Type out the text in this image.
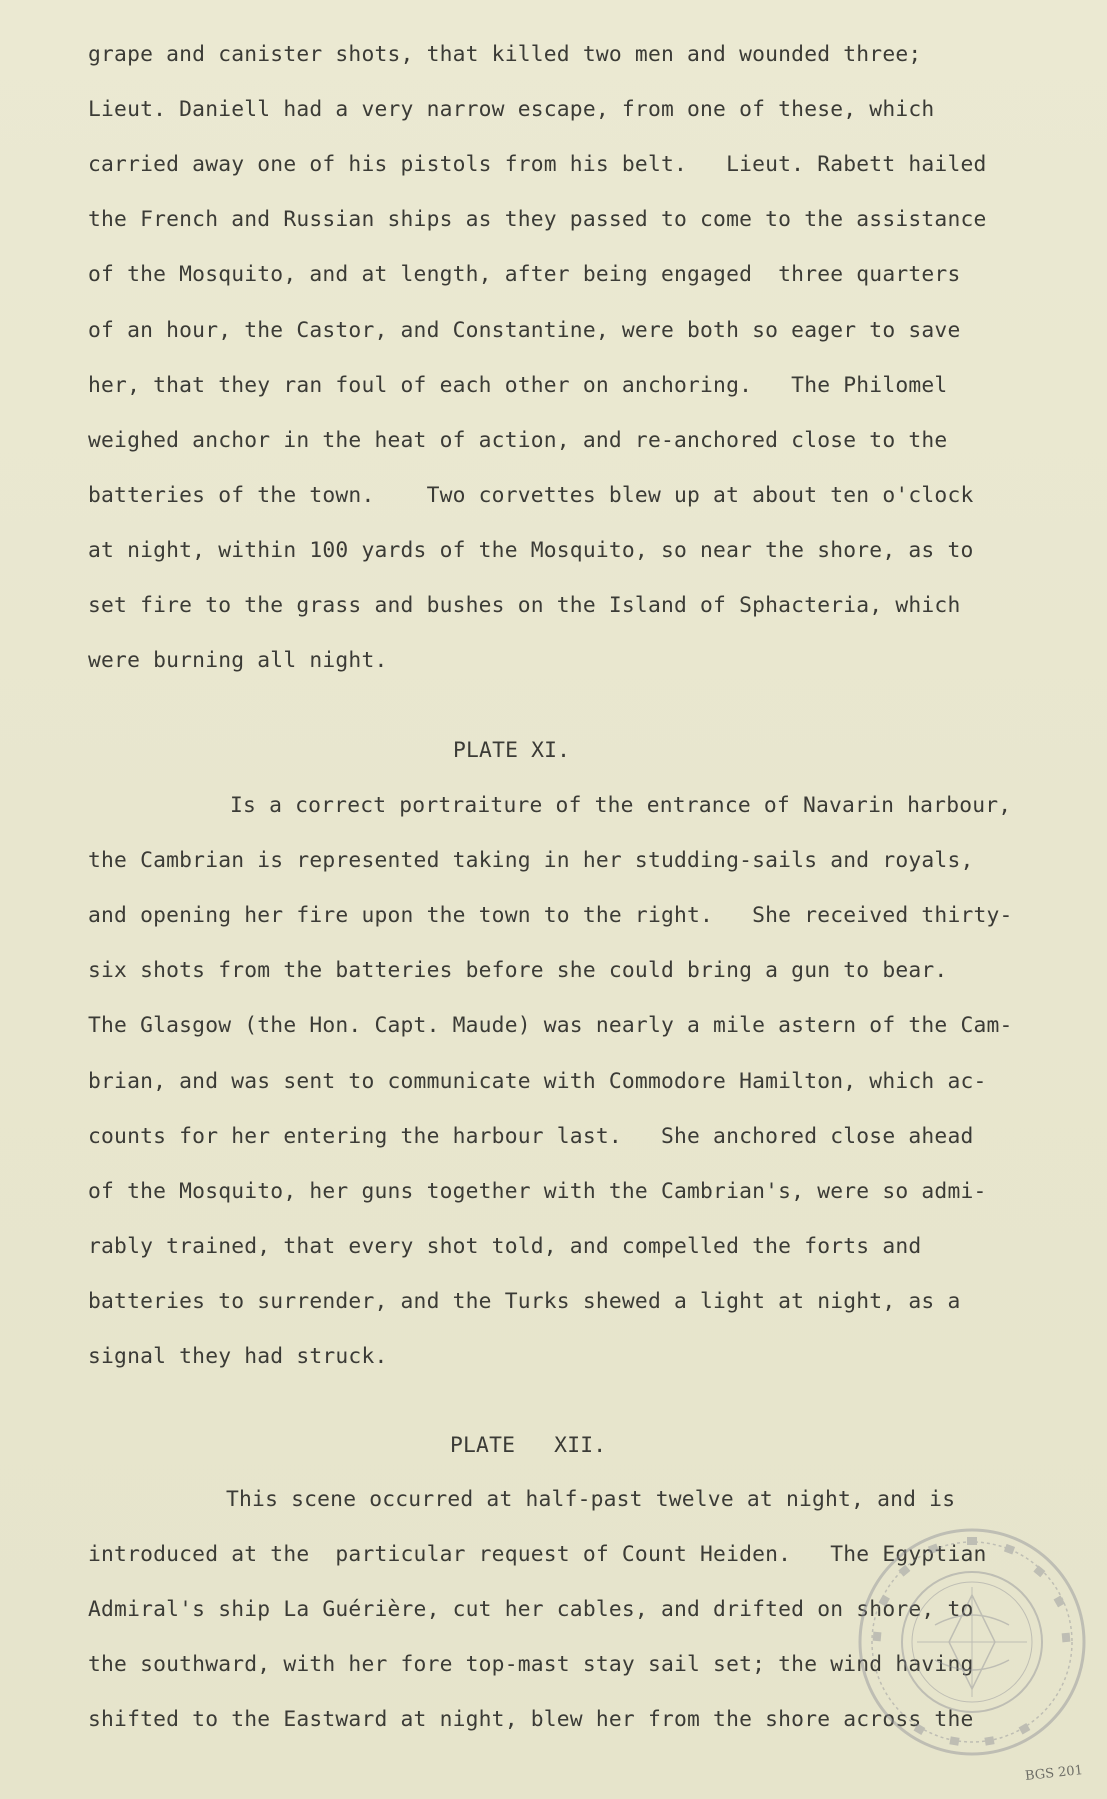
grape and canister shots, that killed two men and wounded three;
Lieut. Daniell had a very narrow escape, from one of these, which
carried away one of his pistols from his belt.   Lieut. Rabett hailed
the French and Russian ships as they passed to come to the assistance
of the Mosquito, and at length, after being engaged  three quarters
of an hour, the Castor, and Constantine, were both so eager to save
her, that they ran foul of each other on anchoring.   The Philomel
weighed anchor in the heat of action, and re-anchored close to the
batteries of the town.    Two corvettes blew up at about ten o'clock
at night, within 100 yards of the Mosquito, so near the shore, as to
set fire to the grass and bushes on the Island of Sphacteria, which
were burning all night.
PLATE XI.
Is a correct portraiture of the entrance of Navarin harbour,
the Cambrian is represented taking in her studding-sails and royals,
and opening her fire upon the town to the right.   She received thirty-
six shots from the batteries before she could bring a gun to bear.
The Glasgow (the Hon. Capt. Maude) was nearly a mile astern of the Cam-
brian, and was sent to communicate with Commodore Hamilton, which ac-
counts for her entering the harbour last.   She anchored close ahead
of the Mosquito, her guns together with the Cambrian's, were so admi-
rably trained, that every shot told, and compelled the forts and
batteries to surrender, and the Turks shewed a light at night, as a
signal they had struck.
PLATE   XII.
This scene occurred at half-past twelve at night, and is
introduced at the  particular request of Count Heiden.   The Egyptian
Admiral's ship La Guérière, cut her cables, and drifted on shore, to
the southward, with her fore top-mast stay sail set; the wind having
shifted to the Eastward at night, blew her from the shore across the
BGS 201
